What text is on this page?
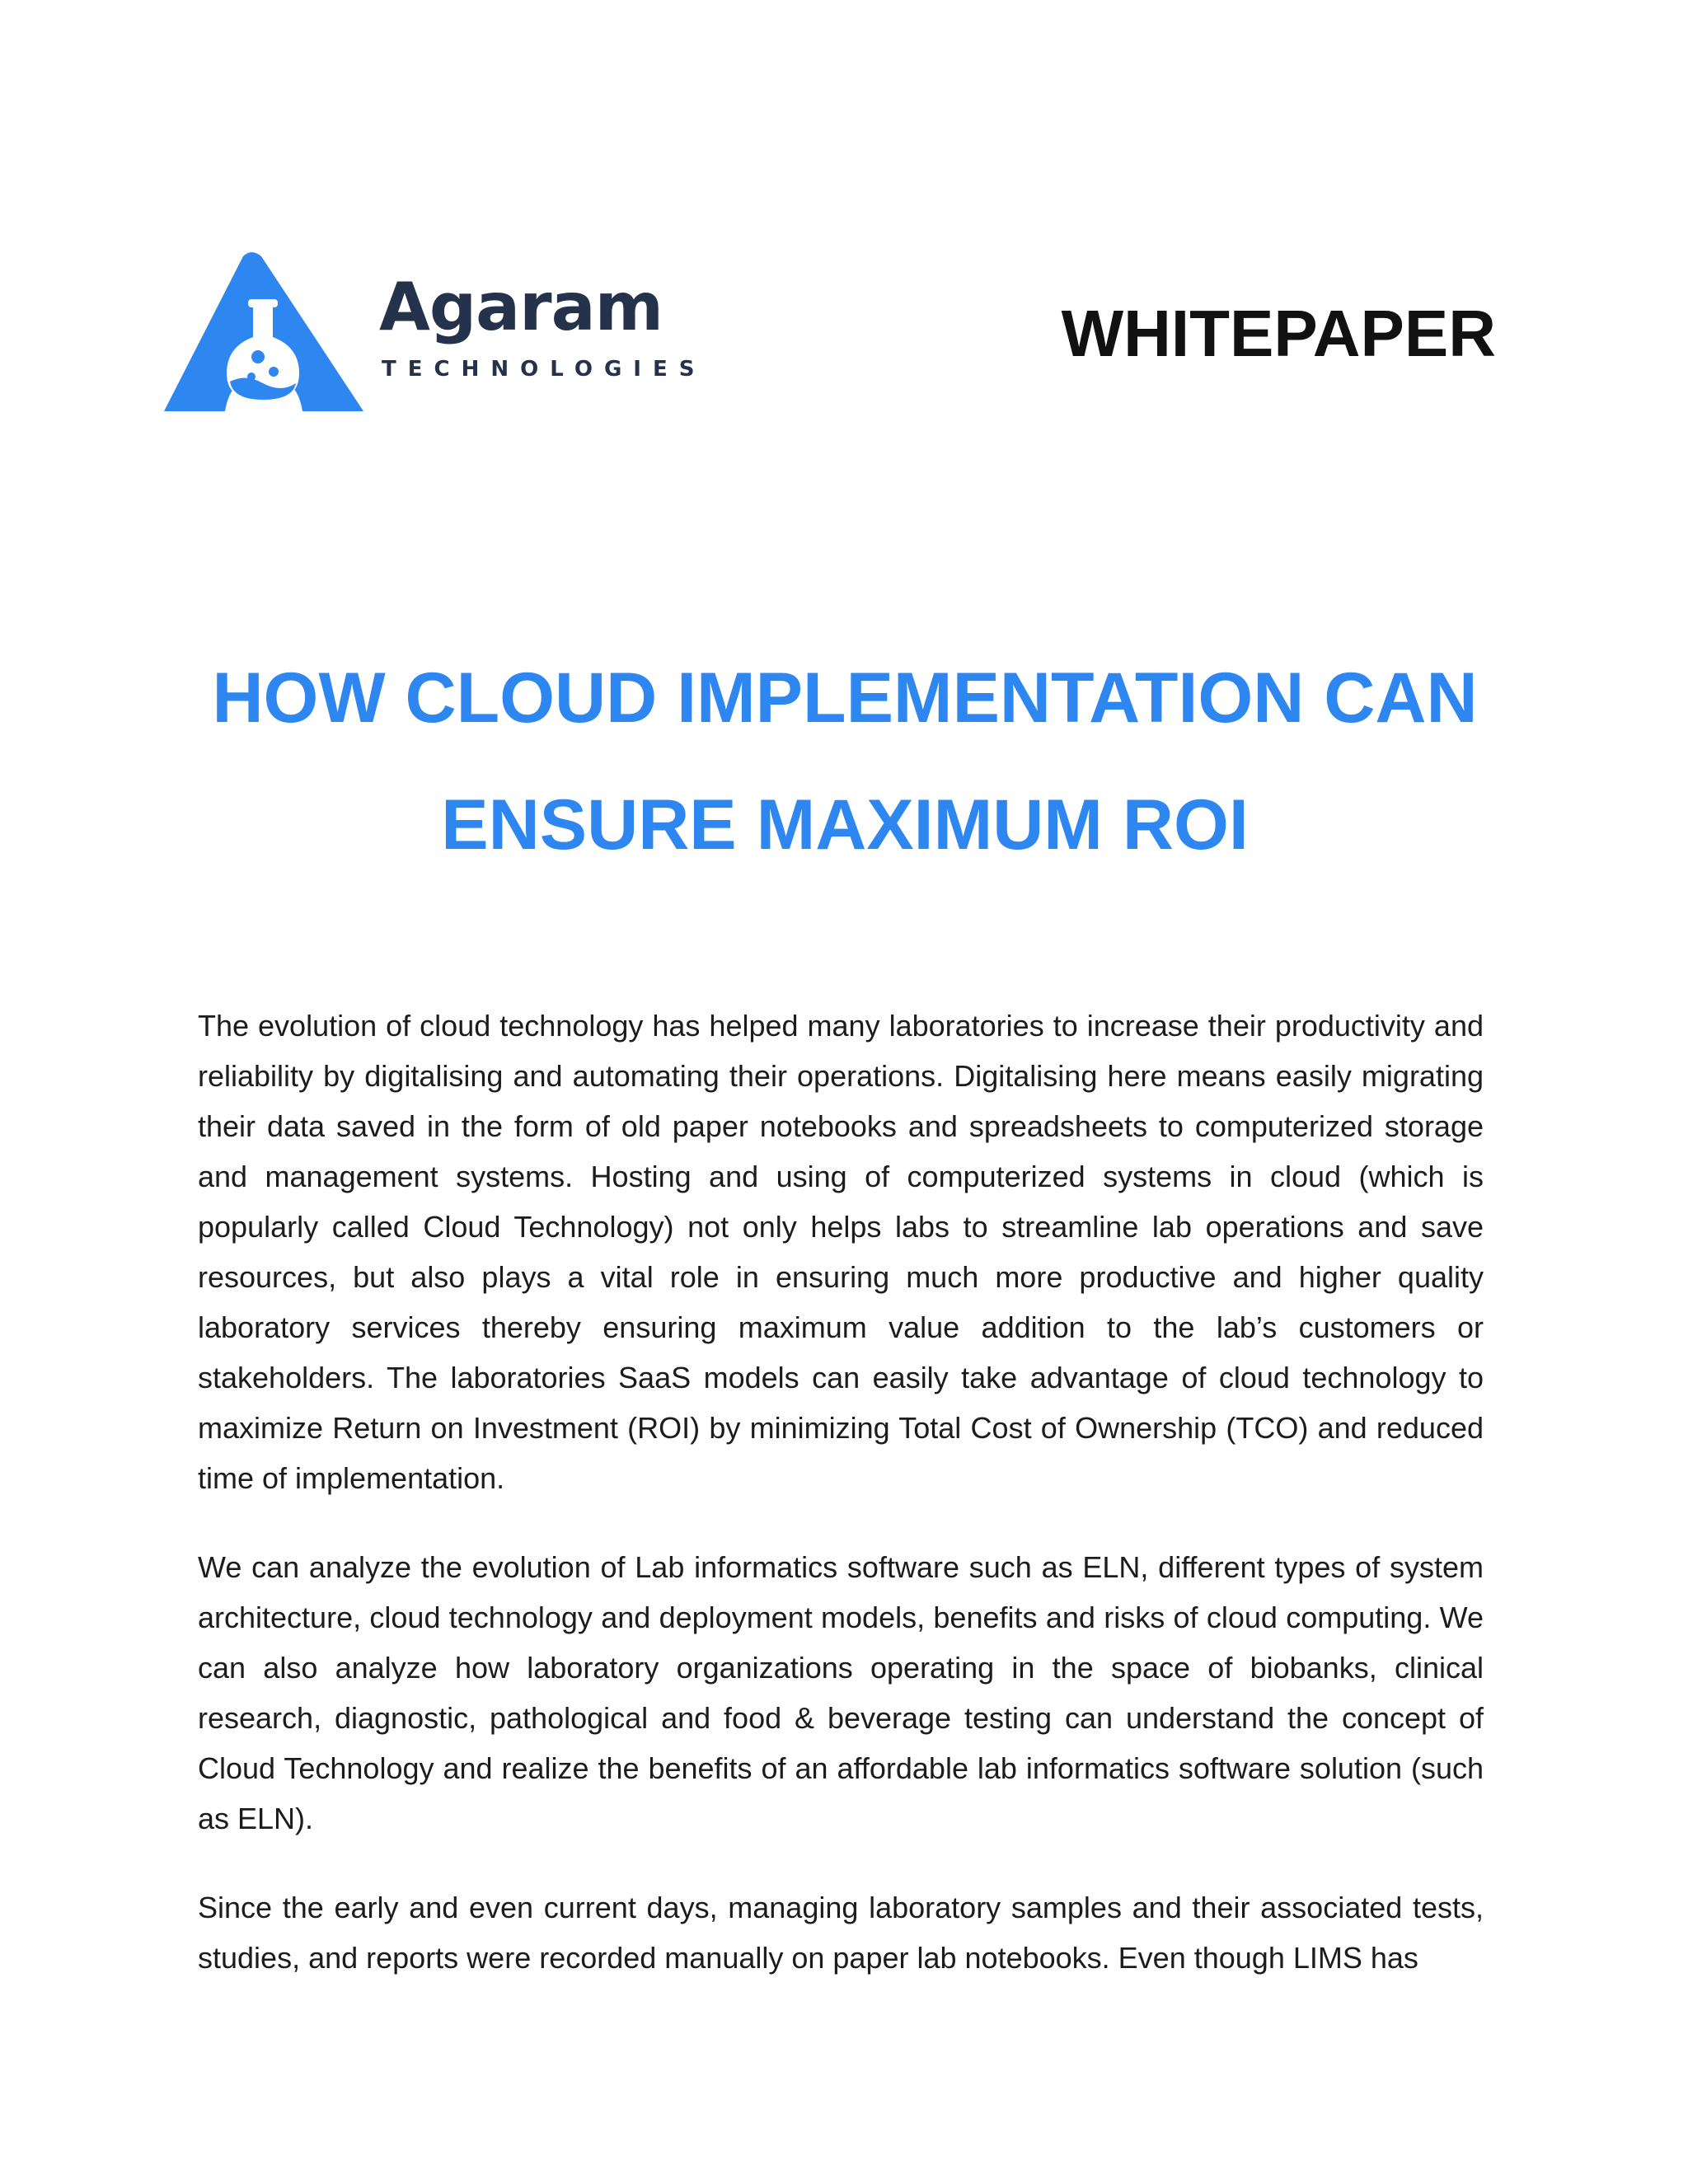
Agaram
TECHNOLOGIES	WHITEPAPER
HOW CLOUD IMPLEMENTATION CAN
ENSURE MAXIMUM ROI

The evolution of cloud technology has helped many laboratories to increase their productivity and reliability by digitalising and automating their operations. Digitalising here means easily migrating their data saved in the form of old paper notebooks and spreadsheets to computerized storage and management systems. Hosting and using of computerized systems in cloud (which is popularly called Cloud Technology) not only helps labs to streamline lab operations and save resources, but also plays a vital role in ensuring much more productive and higher quality laboratory services thereby ensuring maximum value addition to the lab’s customers or stakeholders. The laboratories SaaS models can easily take advantage of cloud technology to maximize Return on Investment (ROI) by minimizing Total Cost of Ownership (TCO) and reduced time of implementation.

We can analyze the evolution of Lab informatics software such as ELN, different types of system architecture, cloud technology and deployment models, benefits and risks of cloud computing. We can also analyze how laboratory organizations operating in the space of biobanks, clinical research, diagnostic, pathological and food & beverage testing can understand the concept of Cloud Technology and realize the benefits of an affordable lab informatics software solution (such as ELN).

Since the early and even current days, managing laboratory samples and their associated tests, studies, and reports were recorded manually on paper lab notebooks. Even though LIMS has
